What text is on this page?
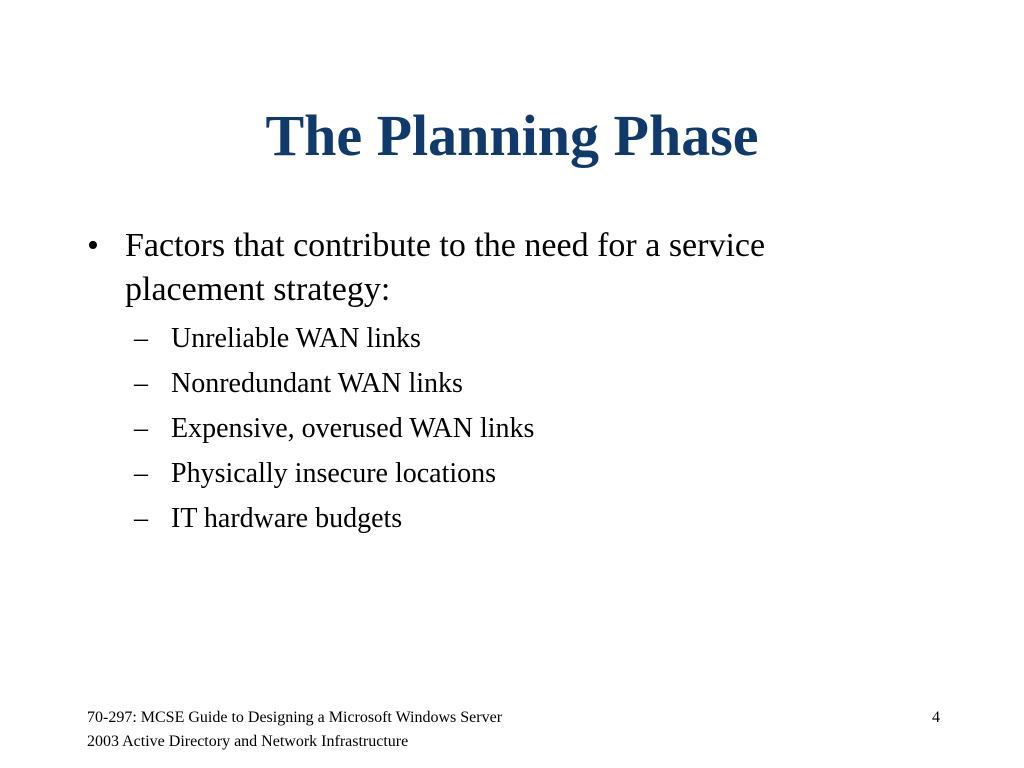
The Planning Phase
• Factors that contribute to the need for a service placement strategy:
– Unreliable WAN links
– Nonredundant WAN links
– Expensive, overused WAN links
– Physically insecure locations
– IT hardware budgets
70-297: MCSE Guide to Designing a Microsoft Windows Server
2003 Active Directory and Network Infrastructure
4
